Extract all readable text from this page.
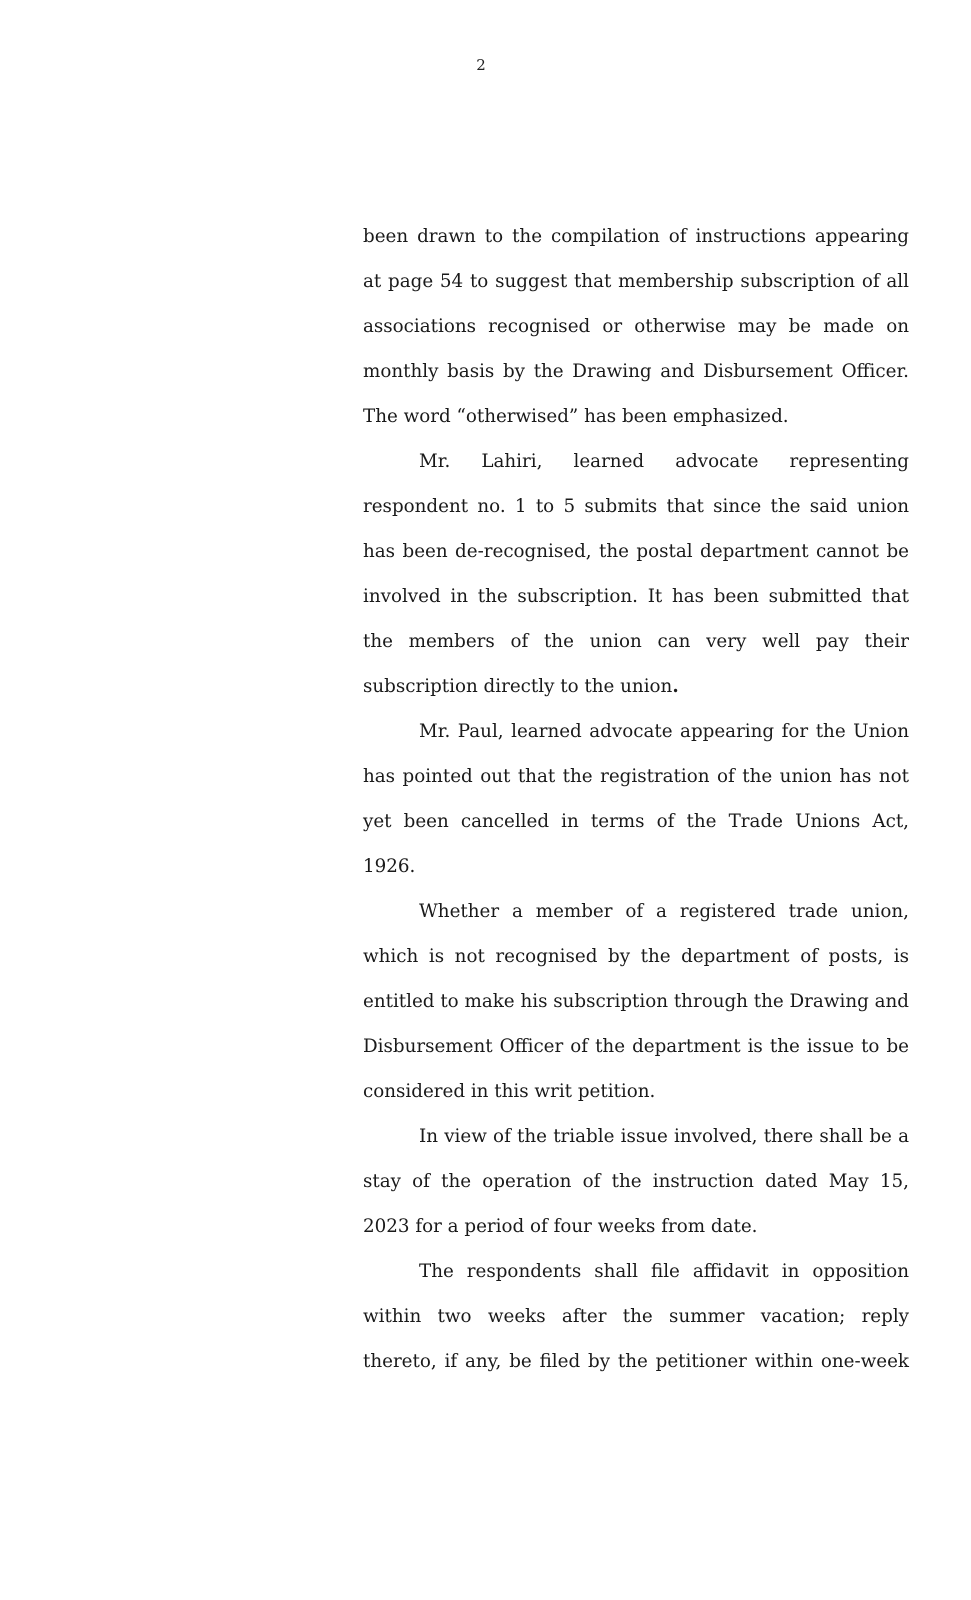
2

been drawn to the compilation of instructions appearing at page 54 to suggest that membership subscription of all associations recognised or otherwise may be made on monthly basis by the Drawing and Disbursement Officer. The word “otherwised” has been emphasized.

Mr. Lahiri, learned advocate representing respondent no. 1 to 5 submits that since the said union has been de-recognised, the postal department cannot be involved in the subscription. It has been submitted that the members of the union can very well pay their subscription directly to the union.

Mr. Paul, learned advocate appearing for the Union has pointed out that the registration of the union has not yet been cancelled in terms of the Trade Unions Act, 1926.

Whether a member of a registered trade union, which is not recognised by the department of posts, is entitled to make his subscription through the Drawing and Disbursement Officer of the department is the issue to be considered in this writ petition.

In view of the triable issue involved, there shall be a stay of the operation of the instruction dated May 15, 2023 for a period of four weeks from date.

The respondents shall file affidavit in opposition within two weeks after the summer vacation; reply thereto, if any, be filed by the petitioner within one-week
